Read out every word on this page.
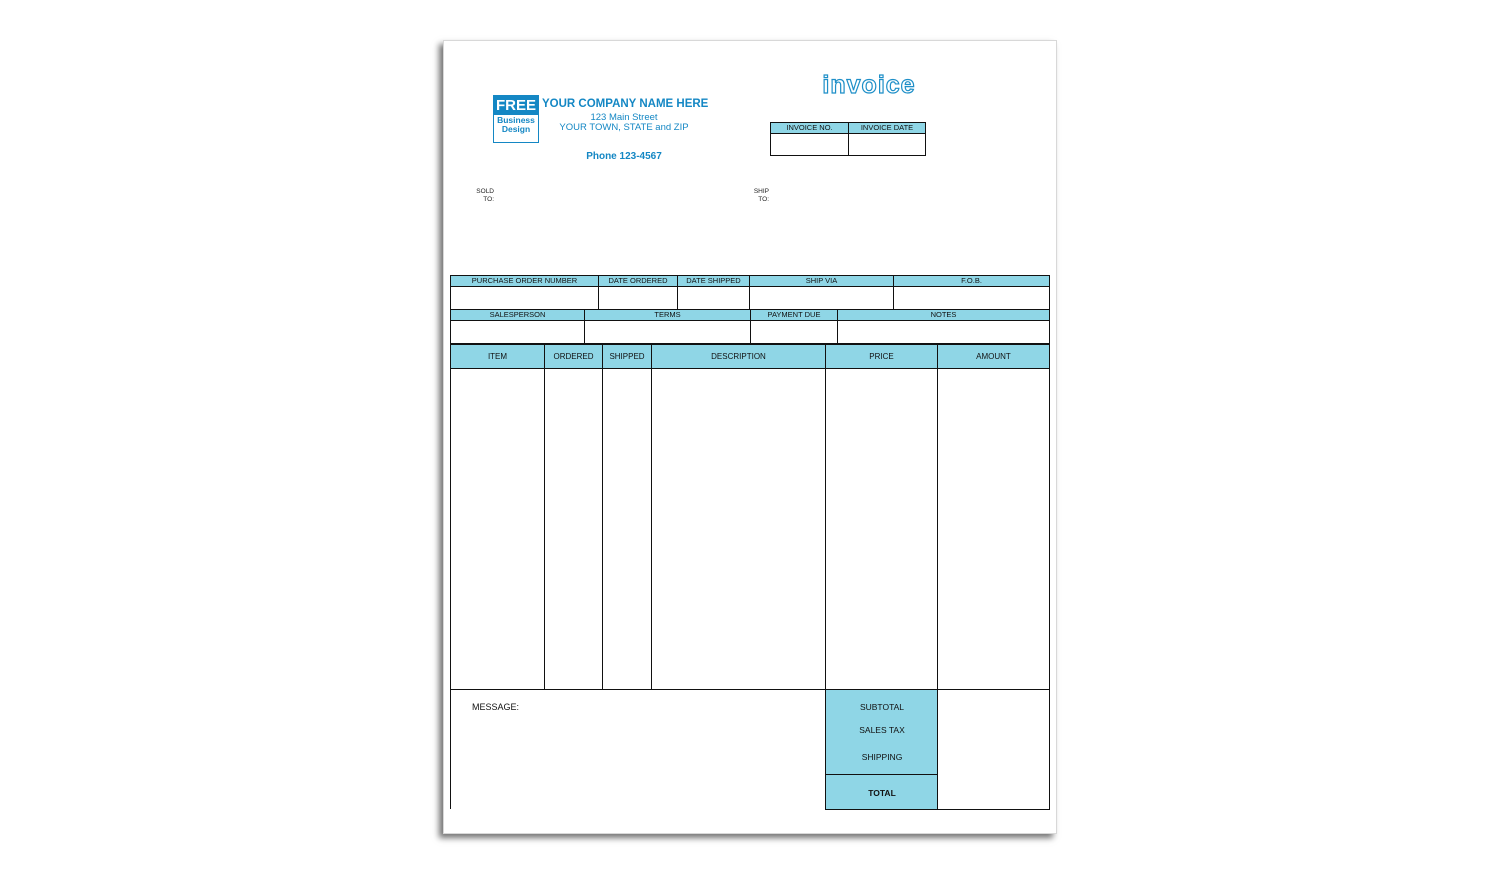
FREE
Business Design
YOUR COMPANY NAME HERE
123 Main Street
YOUR TOWN, STATE and ZIP
Phone 123-4567
invoice
INVOICE NO.	INVOICE DATE
SOLD
TO:
SHIP
TO:
PURCHASE ORDER NUMBER	DATE ORDERED	DATE SHIPPED	SHIP VIA	F.O.B.
SALESPERSON	TERMS	PAYMENT DUE	NOTES
ITEM	ORDERED	SHIPPED	DESCRIPTION	PRICE	AMOUNT
MESSAGE:	SUBTOTAL
SALES TAX
SHIPPING
TOTAL
